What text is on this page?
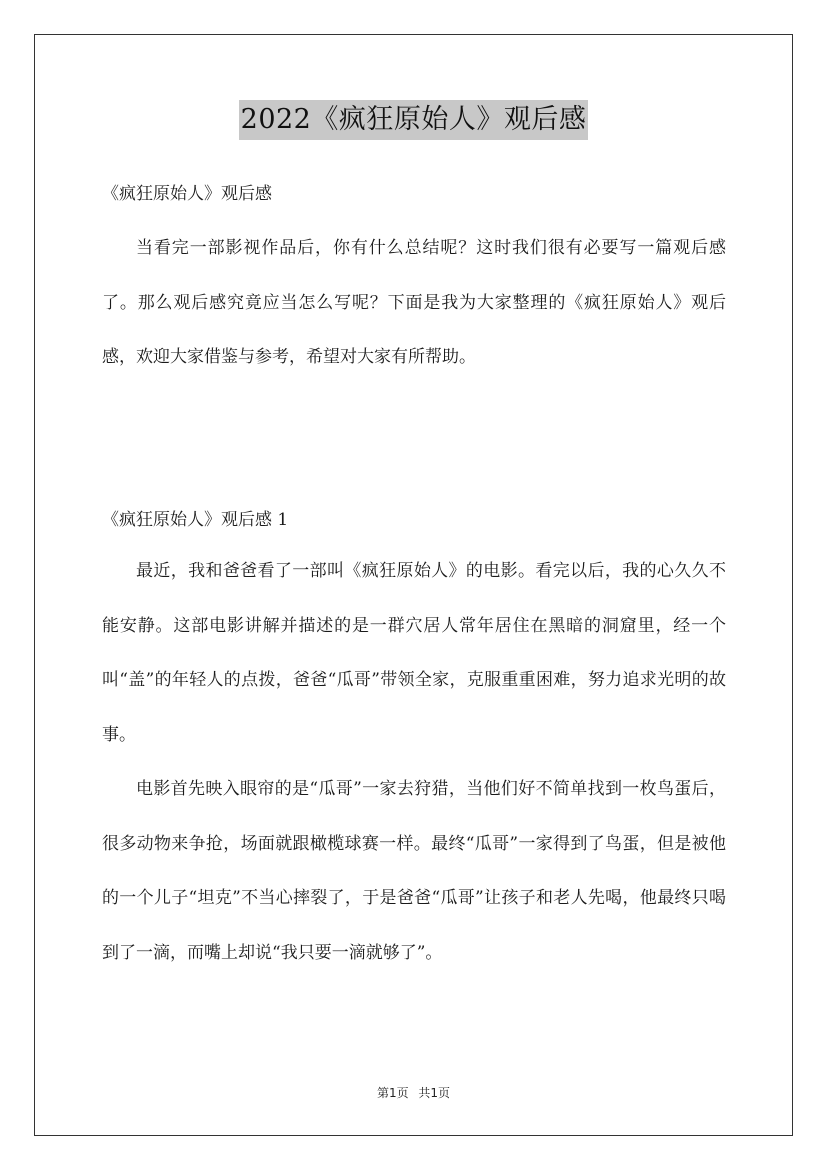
2022《疯狂原始人》观后感

《疯狂原始人》观后感

当看完一部影视作品后，你有什么总结呢？这时我们很有必要写一篇观后感了。那么观后感究竟应当怎么写呢？下面是我为大家整理的《疯狂原始人》观后感，欢迎大家借鉴与参考，希望对大家有所帮助。

《疯狂原始人》观后感 1

最近，我和爸爸看了一部叫《疯狂原始人》的电影。看完以后，我的心久久不能安静。这部电影讲解并描述的是一群穴居人常年居住在黑暗的洞窟里，经一个叫“盖”的年轻人的点拨，爸爸“瓜哥”带领全家，克服重重困难，努力追求光明的故事。

电影首先映入眼帘的是“瓜哥”一家去狩猎，当他们好不简单找到一枚鸟蛋后，很多动物来争抢，场面就跟橄榄球赛一样。最终“瓜哥”一家得到了鸟蛋，但是被他的一个儿子“坦克”不当心摔裂了，于是爸爸“瓜哥”让孩子和老人先喝，他最终只喝到了一滴，而嘴上却说“我只要一滴就够了”。

第1页 共1页
